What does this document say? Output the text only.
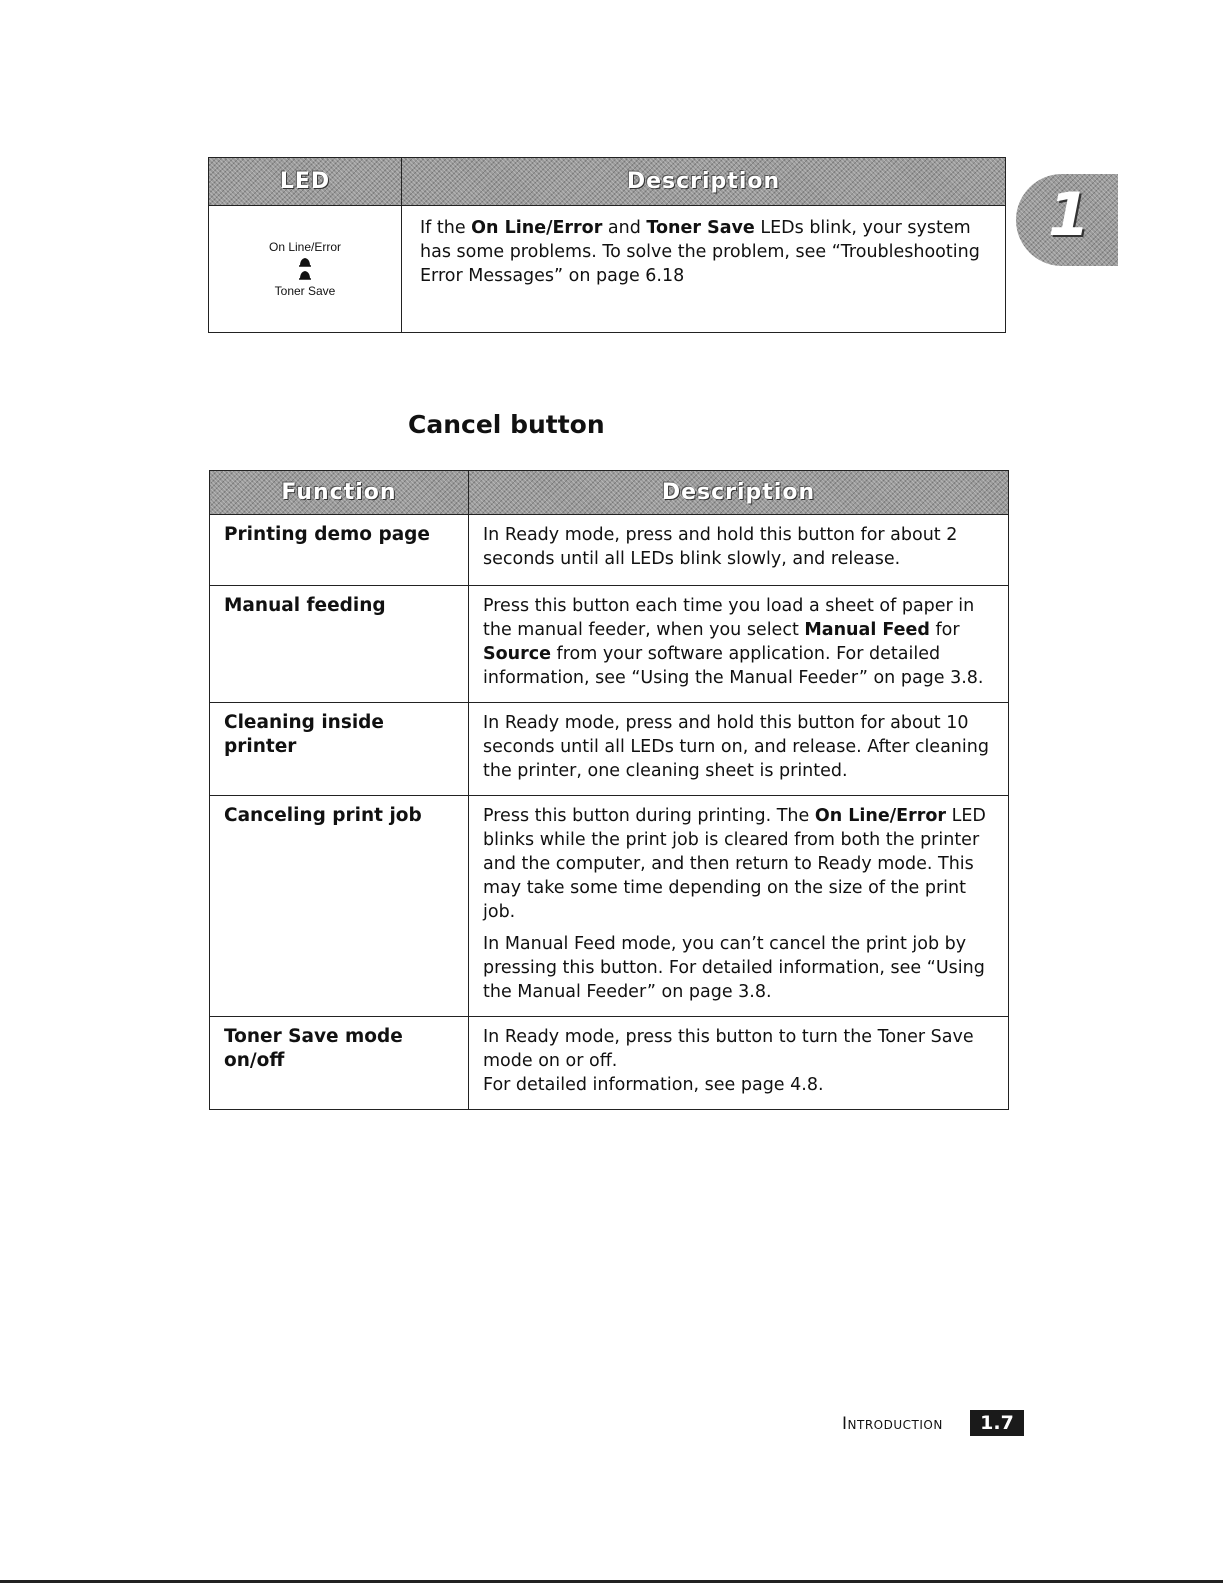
1
LED	Description

On Line/Error
Toner Save	If the On Line/Error and Toner Save LEDs blink, your system has some problems. To solve the problem, see “Troubleshooting Error Messages” on page 6.18
Cancel button
Function	Description
Printing demo page	In Ready mode, press and hold this button for about 2 seconds until all LEDs blink slowly, and release.

Manual feeding	Press this button each time you load a sheet of paper in the manual feeder, when you select Manual Feed for Source from your software application. For detailed information, see “Using the Manual Feeder” on page 3.8.

Cleaning inside printer	In Ready mode, press and hold this button for about 10 seconds until all LEDs turn on, and release. After cleaning the printer, one cleaning sheet is printed.

Canceling print job	Press this button during printing. The On Line/Error LED blinks while the print job is cleared from both the printer and the computer, and then return to Ready mode. This may take some time depending on the size of the print job.

In Manual Feed mode, you can’t cancel the print job by pressing this button. For detailed information, see “Using the Manual Feeder” on page 3.8.

Toner Save mode on/off	In Ready mode, press this button to turn the Toner Save mode on or off.

For detailed information, see page 4.8.

Introduction	1.7
